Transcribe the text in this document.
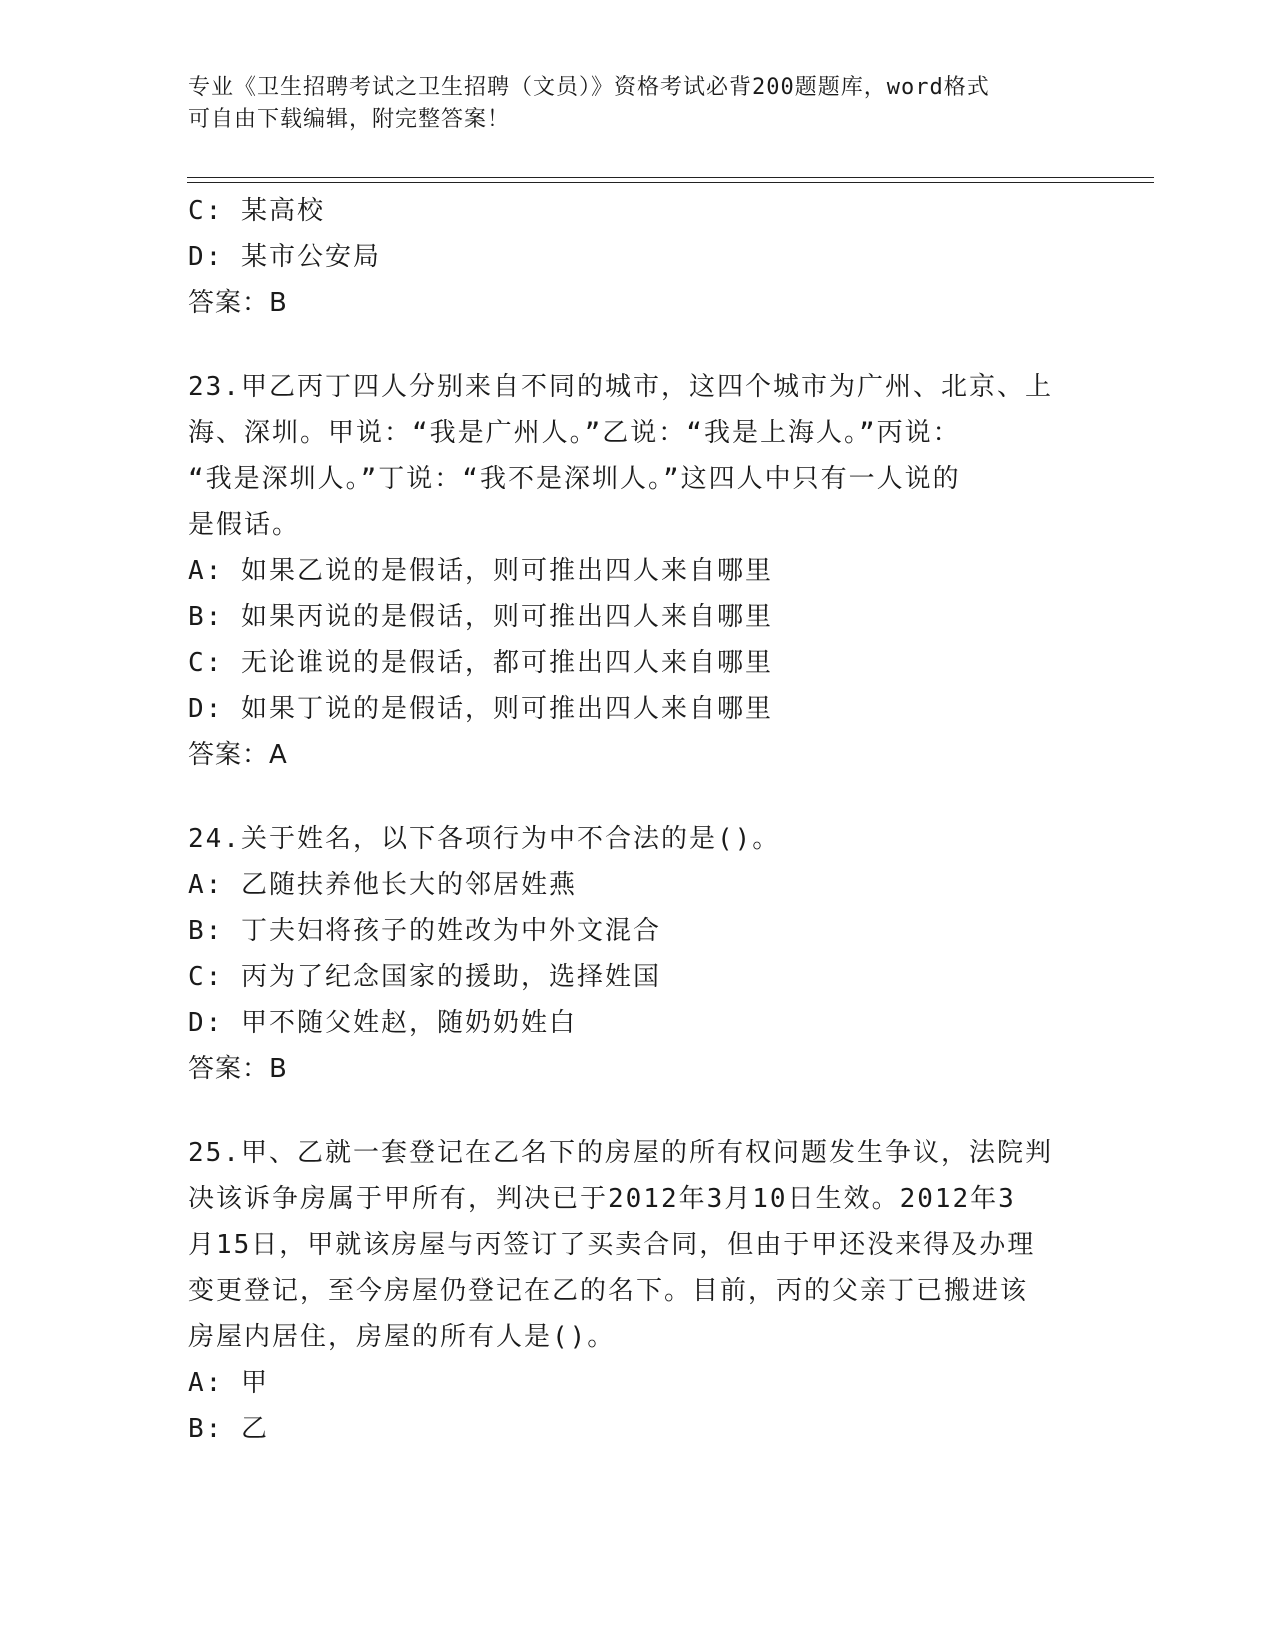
专业《卫生招聘考试之卫生招聘（文员）》资格考试必背200题题库，word格式
可自由下载编辑，附完整答案！
C: 某高校
D: 某市公安局
答案：B
23.甲乙丙丁四人分别来自不同的城市，这四个城市为广州、北京、上
海、深圳。甲说：“我是广州人。”乙说：“我是上海人。”丙说：
“我是深圳人。”丁说：“我不是深圳人。”这四人中只有一人说的
是假话。
A: 如果乙说的是假话，则可推出四人来自哪里
B: 如果丙说的是假话，则可推出四人来自哪里
C: 无论谁说的是假话，都可推出四人来自哪里
D: 如果丁说的是假话，则可推出四人来自哪里
答案：A
24.关于姓名，以下各项行为中不合法的是()。
A: 乙随扶养他长大的邻居姓燕
B: 丁夫妇将孩子的姓改为中外文混合
C: 丙为了纪念国家的援助，选择姓国
D: 甲不随父姓赵，随奶奶姓白
答案：B
25.甲、乙就一套登记在乙名下的房屋的所有权问题发生争议，法院判
决该诉争房属于甲所有，判决已于2012年3月10日生效。2012年3
月15日，甲就该房屋与丙签订了买卖合同，但由于甲还没来得及办理
变更登记，至今房屋仍登记在乙的名下。目前，丙的父亲丁已搬进该
房屋内居住，房屋的所有人是()。
A: 甲
B: 乙
